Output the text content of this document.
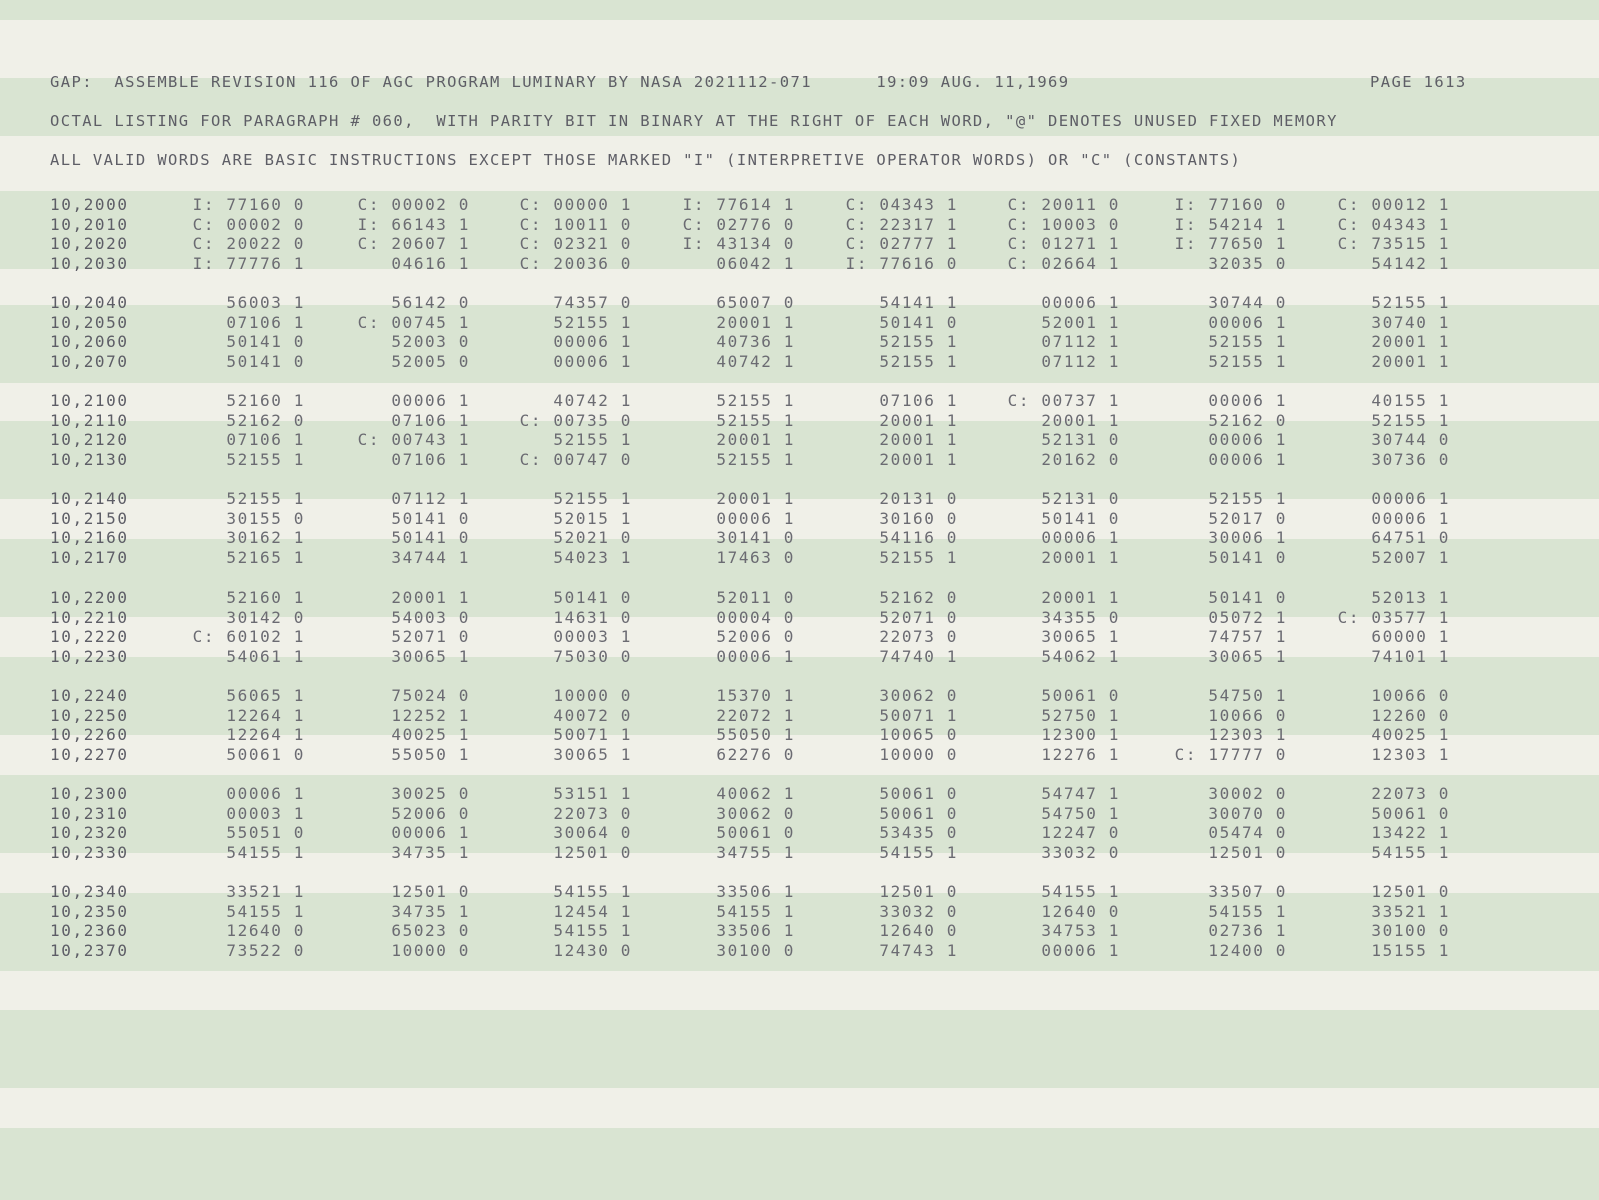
GAP:  ASSEMBLE REVISION 116 OF AGC PROGRAM LUMINARY BY NASA 2021112-071      19:09 AUG. 11,1969	PAGE 1613
OCTAL LISTING FOR PARAGRAPH # 060,  WITH PARITY BIT IN BINARY AT THE RIGHT OF EACH WORD, "@" DENOTES UNUSED FIXED MEMORY
ALL VALID WORDS ARE BASIC INSTRUCTIONS EXCEPT THOSE MARKED "I" (INTERPRETIVE OPERATOR WORDS) OR "C" (CONSTANTS)
10,2000	I: 77160 0	C: 00002 0	C: 00000 1	I: 77614 1	C: 04343 1	C: 20011 0	I: 77160 0	C: 00012 1
10,2010	C: 00002 0	I: 66143 1	C: 10011 0	C: 02776 0	C: 22317 1	C: 10003 0	I: 54214 1	C: 04343 1
10,2020	C: 20022 0	C: 20607 1	C: 02321 0	I: 43134 0	C: 02777 1	C: 01271 1	I: 77650 1	C: 73515 1
10,2030	I: 77776 1	04616 1	C: 20036 0	06042 1	I: 77616 0	C: 02664 1	32035 0	54142 1
10,2040	56003 1	56142 0	74357 0	65007 0	54141 1	00006 1	30744 0	52155 1
10,2050	07106 1	C: 00745 1	52155 1	20001 1	50141 0	52001 1	00006 1	30740 1
10,2060	50141 0	52003 0	00006 1	40736 1	52155 1	07112 1	52155 1	20001 1
10,2070	50141 0	52005 0	00006 1	40742 1	52155 1	07112 1	52155 1	20001 1
10,2100	52160 1	00006 1	40742 1	52155 1	07106 1	C: 00737 1	00006 1	40155 1
10,2110	52162 0	07106 1	C: 00735 0	52155 1	20001 1	20001 1	52162 0	52155 1
10,2120	07106 1	C: 00743 1	52155 1	20001 1	20001 1	52131 0	00006 1	30744 0
10,2130	52155 1	07106 1	C: 00747 0	52155 1	20001 1	20162 0	00006 1	30736 0
10,2140	52155 1	07112 1	52155 1	20001 1	20131 0	52131 0	52155 1	00006 1
10,2150	30155 0	50141 0	52015 1	00006 1	30160 0	50141 0	52017 0	00006 1
10,2160	30162 1	50141 0	52021 0	30141 0	54116 0	00006 1	30006 1	64751 0
10,2170	52165 1	34744 1	54023 1	17463 0	52155 1	20001 1	50141 0	52007 1
10,2200	52160 1	20001 1	50141 0	52011 0	52162 0	20001 1	50141 0	52013 1
10,2210	30142 0	54003 0	14631 0	00004 0	52071 0	34355 0	05072 1	C: 03577 1
10,2220	C: 60102 1	52071 0	00003 1	52006 0	22073 0	30065 1	74757 1	60000 1
10,2230	54061 1	30065 1	75030 0	00006 1	74740 1	54062 1	30065 1	74101 1
10,2240	56065 1	75024 0	10000 0	15370 1	30062 0	50061 0	54750 1	10066 0
10,2250	12264 1	12252 1	40072 0	22072 1	50071 1	52750 1	10066 0	12260 0
10,2260	12264 1	40025 1	50071 1	55050 1	10065 0	12300 1	12303 1	40025 1
10,2270	50061 0	55050 1	30065 1	62276 0	10000 0	12276 1	C: 17777 0	12303 1
10,2300	00006 1	30025 0	53151 1	40062 1	50061 0	54747 1	30002 0	22073 0
10,2310	00003 1	52006 0	22073 0	30062 0	50061 0	54750 1	30070 0	50061 0
10,2320	55051 0	00006 1	30064 0	50061 0	53435 0	12247 0	05474 0	13422 1
10,2330	54155 1	34735 1	12501 0	34755 1	54155 1	33032 0	12501 0	54155 1
10,2340	33521 1	12501 0	54155 1	33506 1	12501 0	54155 1	33507 0	12501 0
10,2350	54155 1	34735 1	12454 1	54155 1	33032 0	12640 0	54155 1	33521 1
10,2360	12640 0	65023 0	54155 1	33506 1	12640 0	34753 1	02736 1	30100 0
10,2370	73522 0	10000 0	12430 0	30100 0	74743 1	00006 1	12400 0	15155 1
